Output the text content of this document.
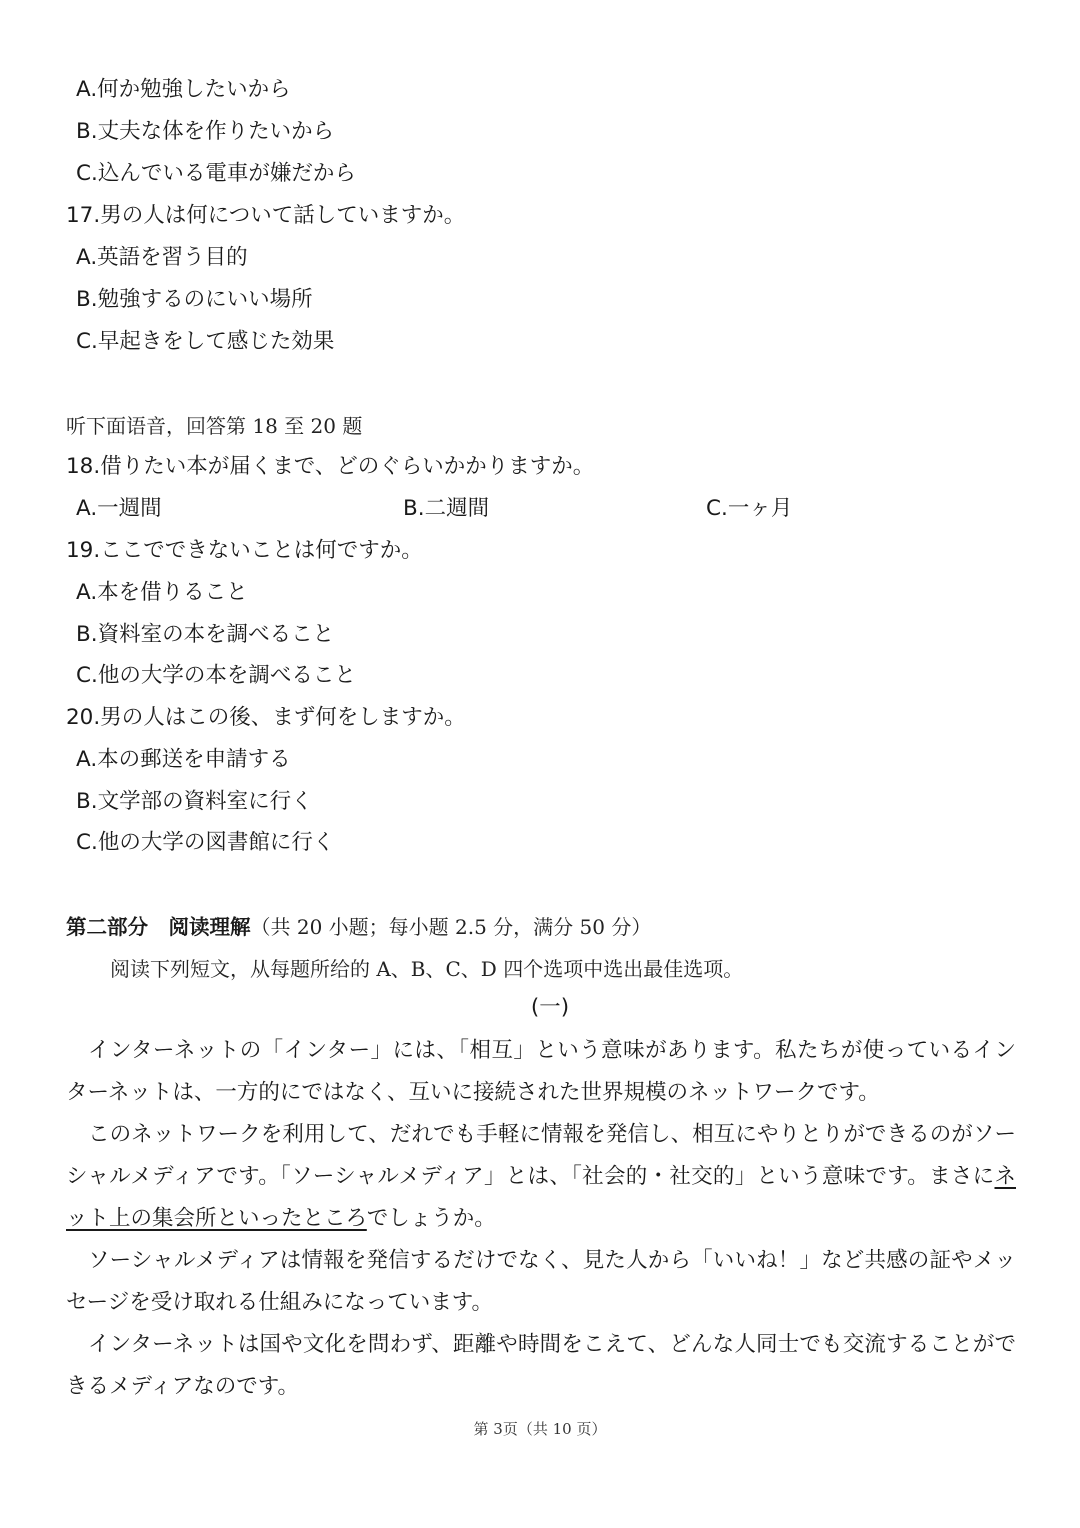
A.何か勉強したいから
B.丈夫な体を作りたいから
C.込んでいる電車が嫌だから
17.男の人は何について話していますか。
A.英語を習う目的
B.勉強するのにいい場所
C.早起きをして感じた効果
听下面语音，回答第 18 至 20 题
18.借りたい本が届くまで、どのぐらいかかりますか。
A.一週間	B.二週間	C.一ヶ月
19.ここでできないことは何ですか。
A.本を借りること
B.資料室の本を調べること
C.他の大学の本を調べること
20.男の人はこの後、まず何をしますか。
A.本の郵送を申請する
B.文学部の資料室に行く
C.他の大学の図書館に行く
第二部分　阅读理解（共 20 小题；每小题 2.5 分，满分 50 分）
阅读下列短文，从每题所给的 A、B、C、D 四个选项中选出最佳选项。
(一)

インターネットの「インター」には、「相互」という意味があります。私たちが使っているインターネットは、一方的にではなく、互いに接続された世界規模のネットワークです。

このネットワークを利用して、だれでも手軽に情報を発信し、相互にやりとりができるのがソーシャルメディアです。「ソーシャルメディア」とは、「社会的・社交的」という意味です。まさにネット上の集会所といったところでしょうか。

ソーシャルメディアは情報を発信するだけでなく、見た人から「いいね！」など共感の証やメッセージを受け取れる仕組みになっています。

インターネットは国や文化を問わず、距離や時間をこえて、どんな人同士でも交流することができるメディアなのです。

第 3页（共 10 页）
